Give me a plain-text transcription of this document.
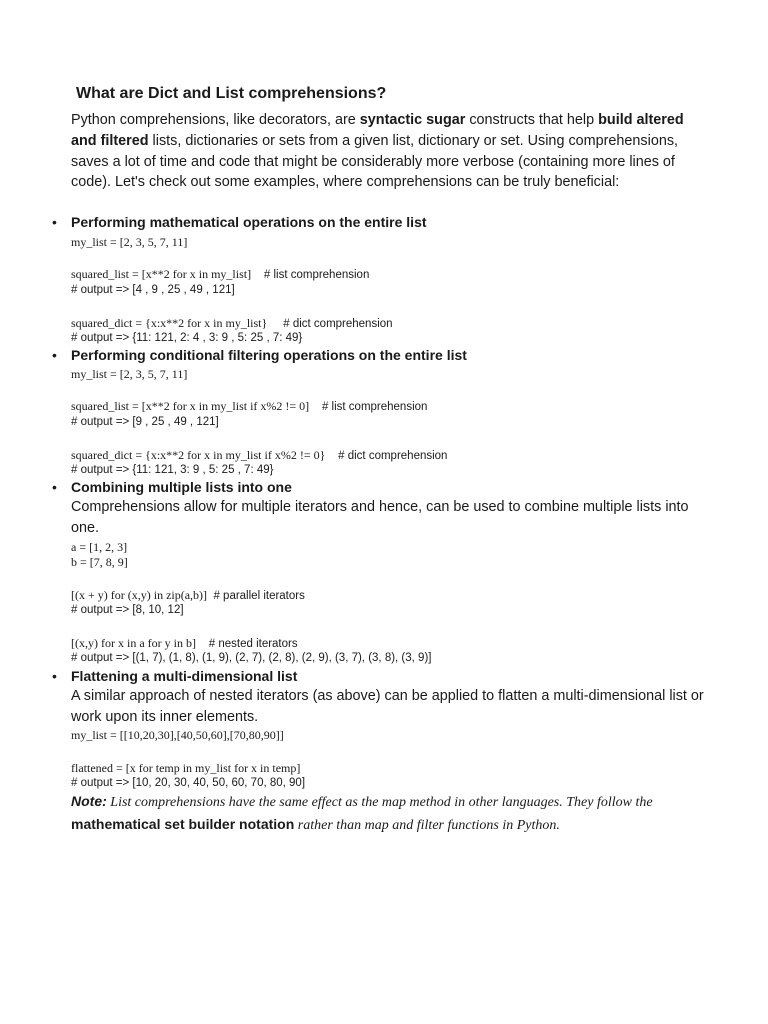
What are Dict and List comprehensions?
Python comprehensions, like decorators, are syntactic sugar constructs that help build altered and filtered lists, dictionaries or sets from a given list, dictionary or set. Using comprehensions, saves a lot of time and code that might be considerably more verbose (containing more lines of code). Let's check out some examples, where comprehensions can be truly beneficial:
• Performing mathematical operations on the entire list
my_list = [2, 3, 5, 7, 11]
squared_list = [x**2 for x in my_list]    # list comprehension
# output => [4 , 9 , 25 , 49 , 121]
squared_dict = {x:x**2 for x in my_list}     # dict comprehension
# output => {11: 121, 2: 4 , 3: 9 , 5: 25 , 7: 49}
• Performing conditional filtering operations on the entire list
my_list = [2, 3, 5, 7, 11]
squared_list = [x**2 for x in my_list if x%2 != 0]    # list comprehension
# output => [9 , 25 , 49 , 121]
squared_dict = {x:x**2 for x in my_list if x%2 != 0}    # dict comprehension
# output => {11: 121, 3: 9 , 5: 25 , 7: 49}
• Combining multiple lists into one
Comprehensions allow for multiple iterators and hence, can be used to combine multiple lists into one.
a = [1, 2, 3]
b = [7, 8, 9]
[(x + y) for (x,y) in zip(a,b)]  # parallel iterators
# output => [8, 10, 12]
[(x,y) for x in a for y in b]    # nested iterators
# output => [(1, 7), (1, 8), (1, 9), (2, 7), (2, 8), (2, 9), (3, 7), (3, 8), (3, 9)]
• Flattening a multi-dimensional list
A similar approach of nested iterators (as above) can be applied to flatten a multi-dimensional list or work upon its inner elements.
my_list = [[10,20,30],[40,50,60],[70,80,90]]
flattened = [x for temp in my_list for x in temp]
# output => [10, 20, 30, 40, 50, 60, 70, 80, 90]
Note: List comprehensions have the same effect as the map method in other languages. They follow the mathematical set builder notation rather than map and filter functions in Python.
